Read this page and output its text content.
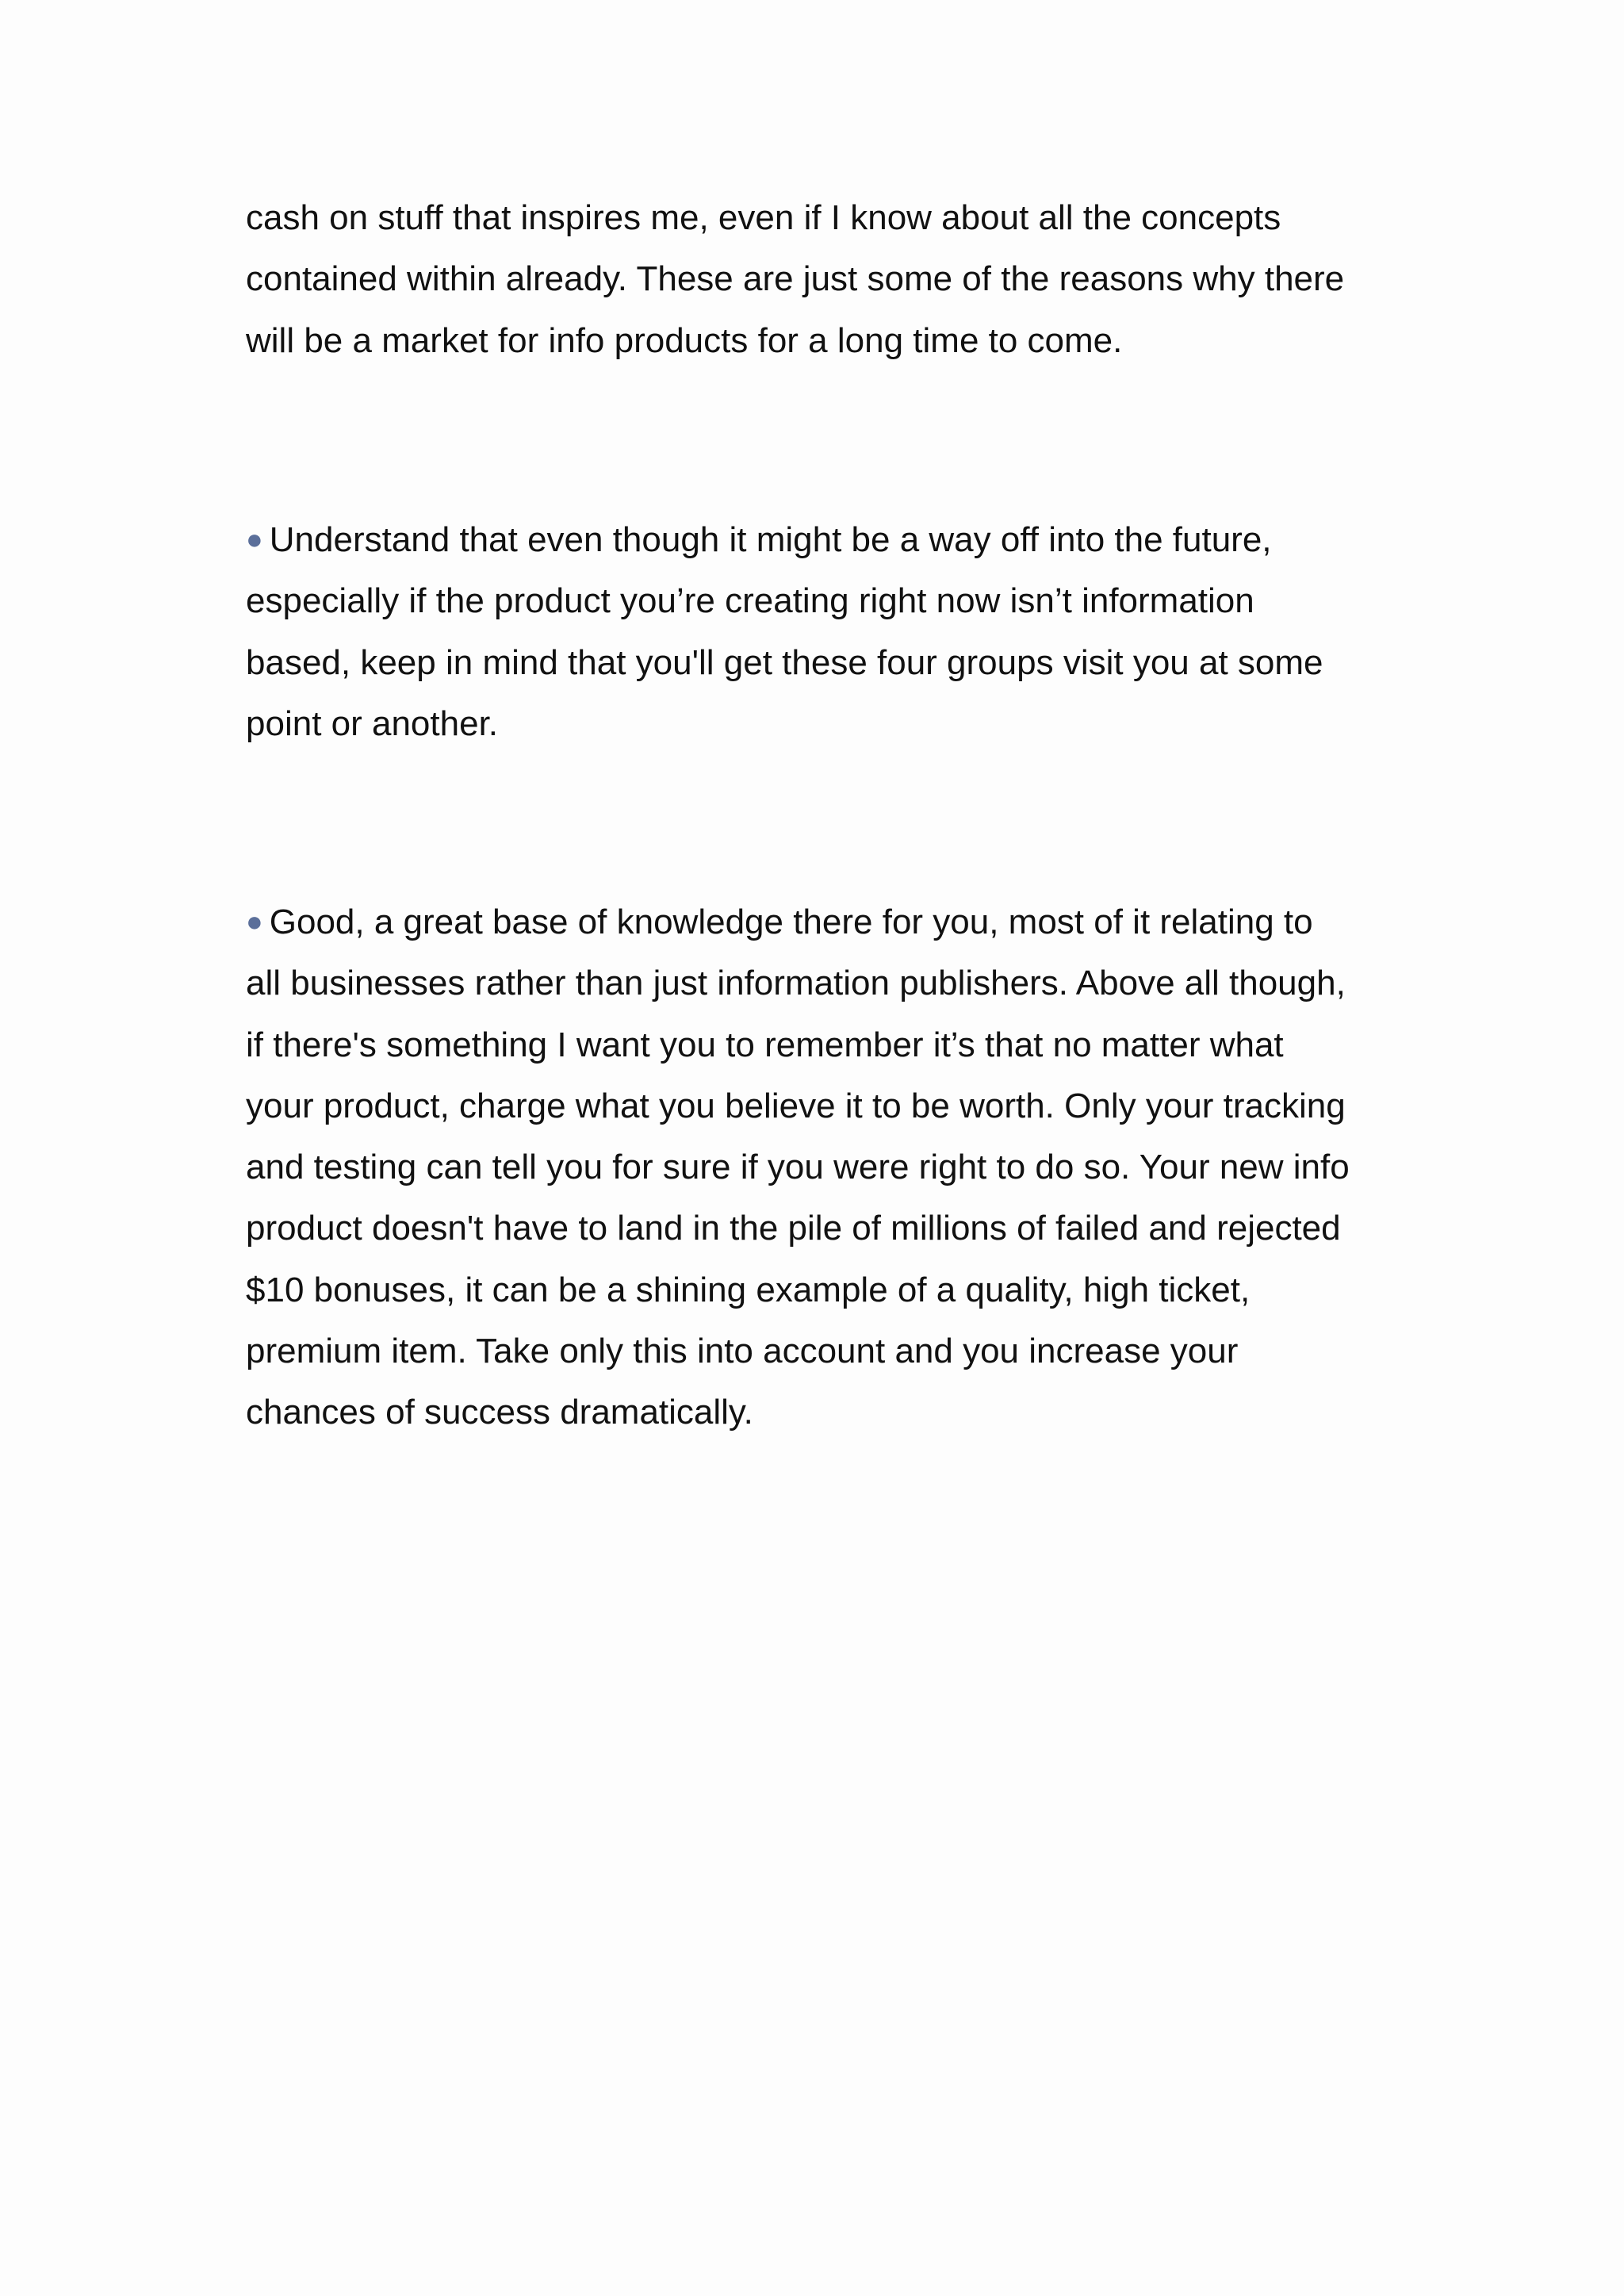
cash on stuff that inspires me, even if I know about all the concepts
contained within already. These are just some of the reasons why there
will be a market for info products for a long time to come.

● Understand that even though it might be a way off into the future,
especially if the product you’re creating right now isn’t information
based, keep in mind that you'll get these four groups visit you at some
point or another.

● Good, a great base of knowledge there for you, most of it relating to
all businesses rather than just information publishers. Above all though,
if there's something I want you to remember it’s that no matter what
your product, charge what you believe it to be worth. Only your tracking
and testing can tell you for sure if you were right to do so. Your new info
product doesn't have to land in the pile of millions of failed and rejected
$10 bonuses, it can be a shining example of a quality, high ticket,
premium item. Take only this into account and you increase your
chances of success dramatically.
